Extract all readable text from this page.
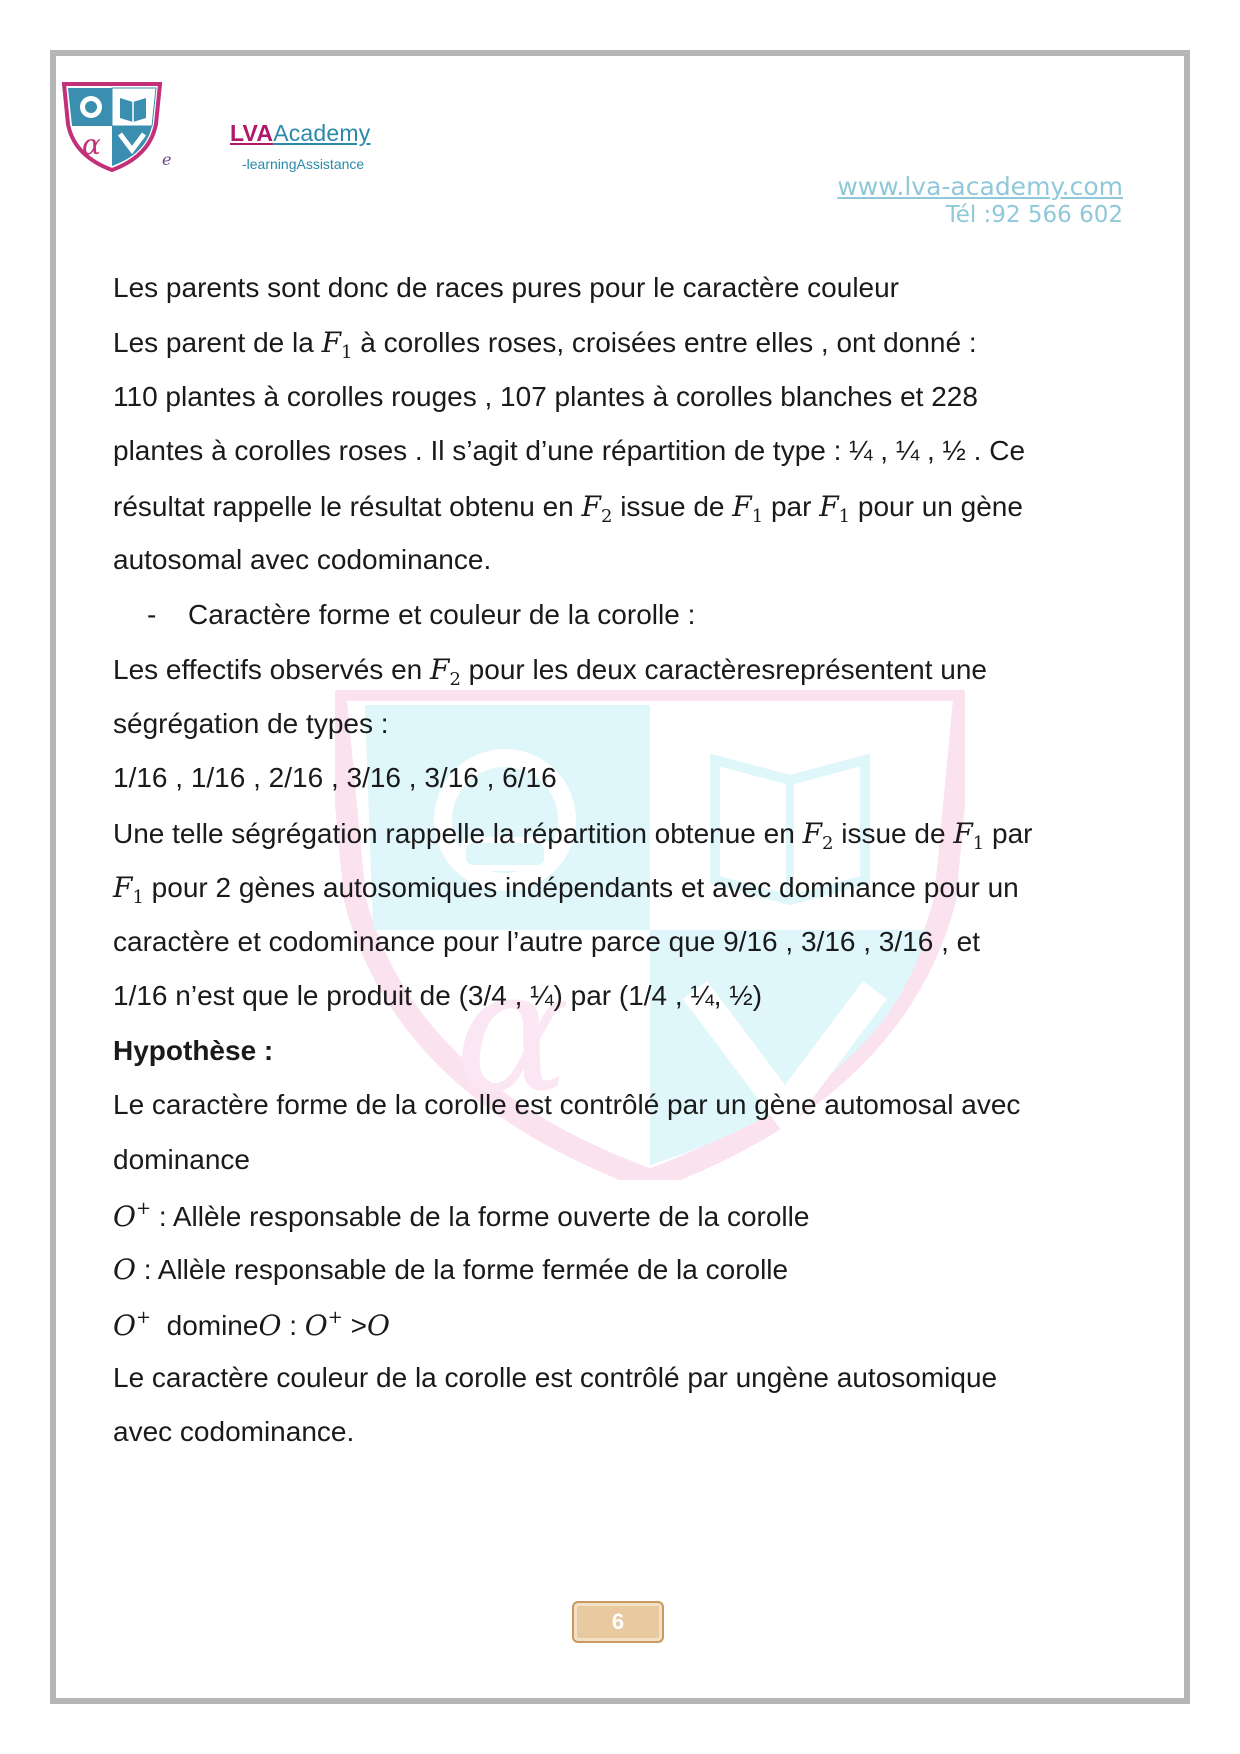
α	e
LVAAcademy
-learningAssistance
www.lva-academy.com
Tél :92 566 602
α
Les parents sont donc de races pures pour le caractère couleur
Les parent de la $F_1$ à corolles roses, croisées entre elles , ont donné :
110 plantes à corolles rouges , 107 plantes à corolles blanches et 228
plantes à corolles roses . Il s’agit d’une répartition de type : ¼ , ¼ , ½ . Ce
résultat rappelle le résultat obtenu en $F_2$ issue de $F_1$ par $F_1$ pour un gène
autosomal avec codominance.
- Caractère forme et couleur de la corolle :
Les effectifs observés en $F_2$ pour les deux caractèresreprésentent une
ségrégation de types :
1/16 , 1/16 , 2/16 , 3/16 , 3/16 , 6/16
Une telle ségrégation rappelle la répartition obtenue en $F_2$ issue de $F_1$ par
$F_1$ pour 2 gènes autosomiques indépendants et avec dominance pour un
caractère et codominance pour l’autre parce que 9/16 , 3/16 , 3/16 , et
1/16 n’est que le produit de (3/4 , ¼) par (1/4 , ¼, ½)
Hypothèse :
Le caractère forme de la corolle est contrôlé par un gène automosal avec
dominance
O+ : Allèle responsable de la forme ouverte de la corolle
O : Allèle responsable de la forme fermée de la corolle
O+  domineO : O+ >O
Le caractère couleur de la corolle est contrôlé par ungène autosomique
avec codominance.
6
